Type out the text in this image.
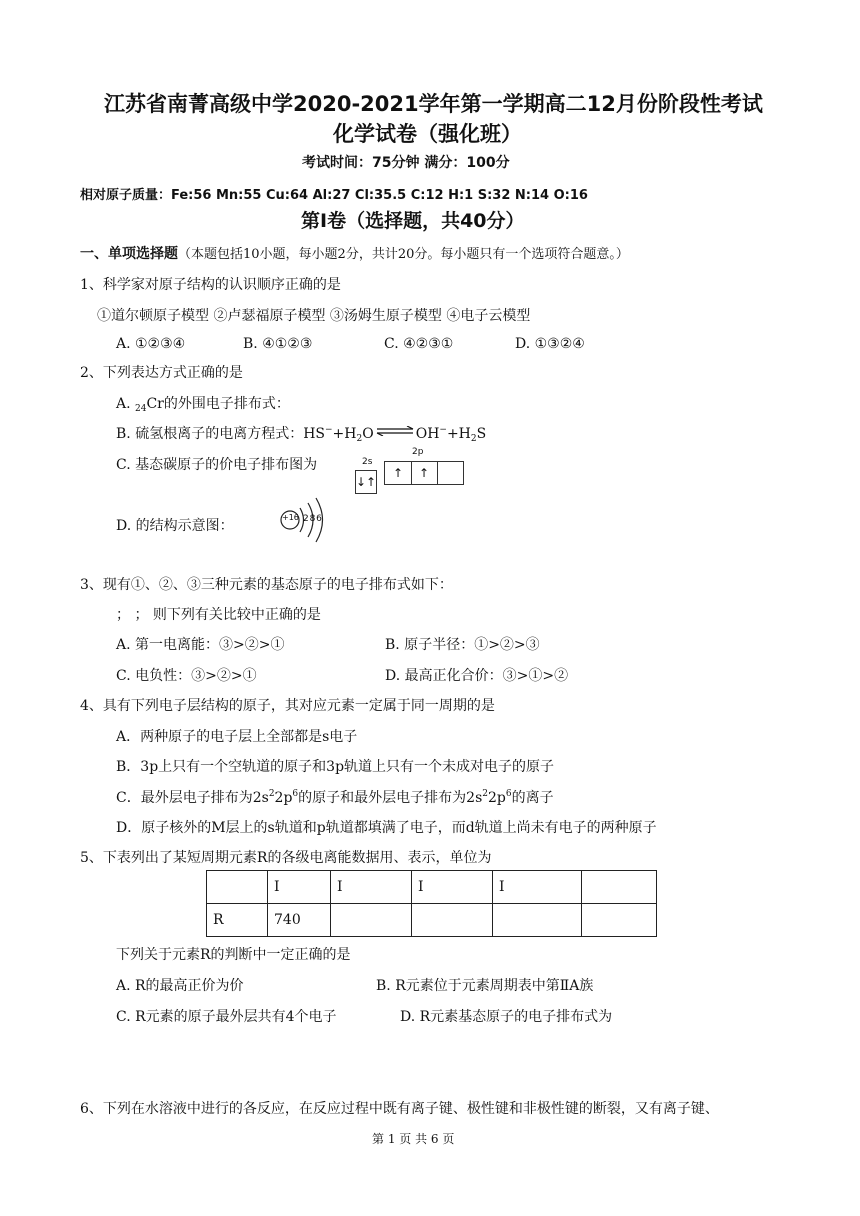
江苏省南菁高级中学2020-2021学年第一学期高二12月份阶段性考试
化学试卷（强化班）
考试时间：75分钟 满分：100分
相对原子质量：Fe:56 Mn:55 Cu:64 Al:27 Cl:35.5 C:12 H:1 S:32 N:14 O:16
第Ⅰ卷（选择题，共40分）
一、单项选择题（本题包括10小题，每小题2分，共计20分。每小题只有一个选项符合题意。）
1、科学家对原子结构的认识顺序正确的是
①道尔顿原子模型 ②卢瑟福原子模型 ③汤姆生原子模型 ④电子云模型
A. ①②③④	B. ④①②③	C. ④②③①	D. ①③②④
2、下列表达方式正确的是
A. $_{24}$Cr的外围电子排布式：
B. 硫氢根离子的电离方程式：$HS^-+H_2O$ ⇌ $OH^-+H_2S$
C. 基态碳原子的价电子排布图为	2s
2p
↓↑
↑	↑
D. 的结构示意图：
+16 2 8 6
3、现有①、②、③三种元素的基态原子的电子排布式如下：
； ； 则下列有关比较中正确的是
A. 第一电离能：③>②>①	B. 原子半径：①>②>③
C. 电负性：③>②>①	D. 最高正化合价：③>①>②
4、具有下列电子层结构的原子，其对应元素一定属于同一周期的是
A．两种原子的电子层上全部都是s电子
B．3p上只有一个空轨道的原子和3p轨道上只有一个未成对电子的原子
C．最外层电子排布为$2s^22p^6$的原子和最外层电子排布为$2s^22p^6$的离子
D．原子核外的M层上的s轨道和p轨道都填满了电子，而d轨道上尚未有电子的两种原子
5、下表列出了某短周期元素R的各级电离能数据用、表示，单位为
	I	I	I	I	
R	740				
下列关于元素R的判断中一定正确的是
A. R的最高正价为价	B. R元素位于元素周期表中第ⅡA族
C. R元素的原子最外层共有4个电子	D. R元素基态原子的电子排布式为
6、下列在水溶液中进行的各反应，在反应过程中既有离子键、极性键和非极性键的断裂，又有离子键、
第 1 页 共 6 页
